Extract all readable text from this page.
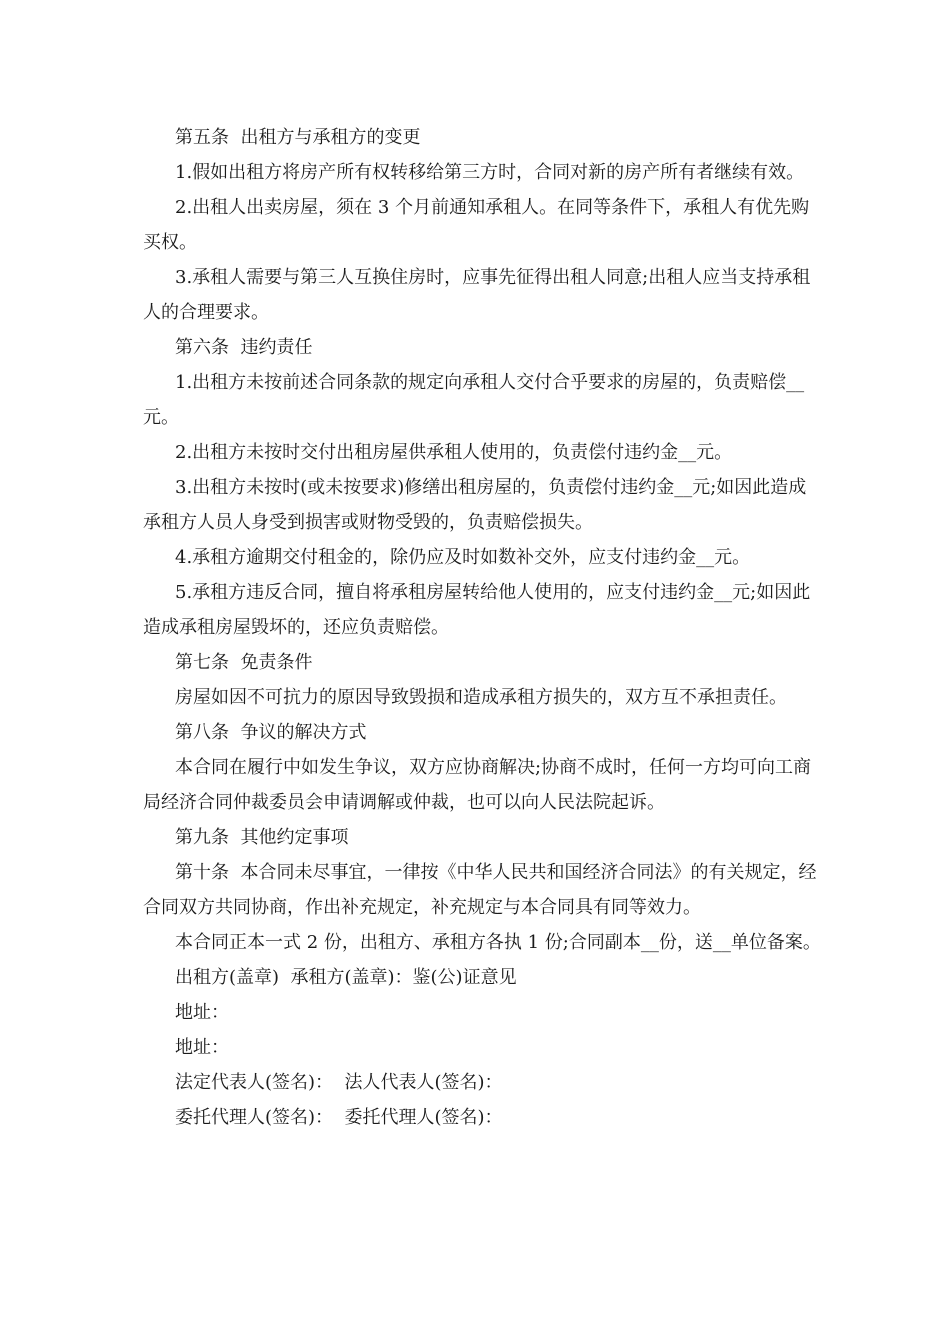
第五条  出租方与承租方的变更

1.假如出租方将房产所有权转移给第三方时，合同对新的房产所有者继续有效。

2.出租人出卖房屋，须在 3 个月前通知承租人。在同等条件下，承租人有优先购买权。

3.承租人需要与第三人互换住房时，应事先征得出租人同意;出租人应当支持承租人的合理要求。

第六条  违约责任

1.出租方未按前述合同条款的规定向承租人交付合乎要求的房屋的，负责赔偿__元。

2.出租方未按时交付出租房屋供承租人使用的，负责偿付违约金__元。

3.出租方未按时(或未按要求)修缮出租房屋的，负责偿付违约金__元;如因此造成承租方人员人身受到损害或财物受毁的，负责赔偿损失。

4.承租方逾期交付租金的，除仍应及时如数补交外，应支付违约金__元。

5.承租方违反合同，擅自将承租房屋转给他人使用的，应支付违约金__元;如因此造成承租房屋毁坏的，还应负责赔偿。

第七条  免责条件

房屋如因不可抗力的原因导致毁损和造成承租方损失的，双方互不承担责任。

第八条  争议的解决方式

本合同在履行中如发生争议，双方应协商解决;协商不成时，任何一方均可向工商局经济合同仲裁委员会申请调解或仲裁，也可以向人民法院起诉。

第九条  其他约定事项

第十条  本合同未尽事宜，一律按《中华人民共和国经济合同法》的有关规定，经合同双方共同协商，作出补充规定，补充规定与本合同具有同等效力。

本合同正本一式 2 份，出租方、承租方各执 1 份;合同副本__份，送__单位备案。

出租方(盖章)  承租方(盖章)：鉴(公)证意见

地址：

地址：

法定代表人(签名)：  法人代表人(签名)：

委托代理人(签名)：  委托代理人(签名)：
